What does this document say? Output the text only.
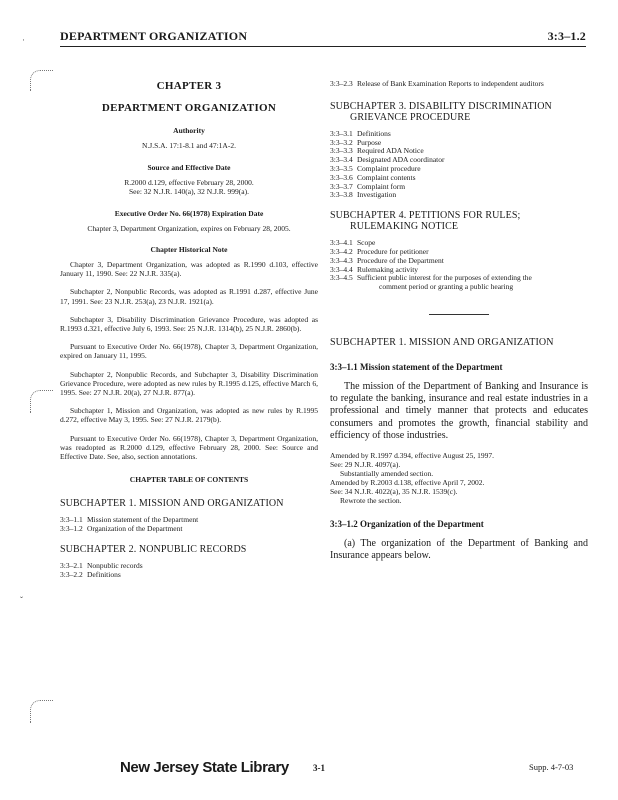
DEPARTMENT ORGANIZATION	3:3–1.2
·
ˇ
CHAPTER 3
DEPARTMENT ORGANIZATION
Authority
N.J.S.A. 17:1-8.1 and 47:1A-2.
Source and Effective Date
R.2000 d.129, effective February 28, 2000.
See: 32 N.J.R. 140(a), 32 N.J.R. 999(a).
Executive Order No. 66(1978) Expiration Date
Chapter 3, Department Organization, expires on February 28, 2005.
Chapter Historical Note

Chapter 3, Department Organization, was adopted as R.1990 d.103, effective January 11, 1990. See: 22 N.J.R. 335(a).

Subchapter 2, Nonpublic Records, was adopted as R.1991 d.287, effective June 17, 1991. See: 23 N.J.R. 253(a), 23 N.J.R. 1921(a).

Subchapter 3, Disability Discrimination Grievance Procedure, was adopted as R.1993 d.321, effective July 6, 1993. See: 25 N.J.R. 1314(b), 25 N.J.R. 2860(b).

Pursuant to Executive Order No. 66(1978), Chapter 3, Department Organization, expired on January 11, 1995.

Subchapter 2, Nonpublic Records, and Subchapter 3, Disability Discrimination Grievance Procedure, were adopted as new rules by R.1995 d.125, effective March 6, 1995. See: 27 N.J.R. 20(a), 27 N.J.R. 877(a).

Subchapter 1, Mission and Organization, was adopted as new rules by R.1995 d.272, effective May 3, 1995. See: 27 N.J.R. 2179(b).

Pursuant to Executive Order No. 66(1978), Chapter 3, Department Organization, was readopted as R.2000 d.129, effective February 28, 2000. See: Source and Effective Date. See, also, section annotations.

CHAPTER TABLE OF CONTENTS
SUBCHAPTER 1. MISSION AND ORGANIZATION
3:3–1.1 Mission statement of the Department
3:3–1.2 Organization of the Department
SUBCHAPTER 2. NONPUBLIC RECORDS
3:3–2.1 Nonpublic records
3:3–2.2 Definitions
3:3–2.3 Release of Bank Examination Reports to independent auditors
SUBCHAPTER 3. DISABILITY DISCRIMINATION
GRIEVANCE PROCEDURE
3:3–3.1 Definitions
3:3–3.2 Purpose
3:3–3.3 Required ADA Notice
3:3–3.4 Designated ADA coordinator
3:3–3.5 Complaint procedure
3:3–3.6 Complaint contents
3:3–3.7 Complaint form
3:3–3.8 Investigation
SUBCHAPTER 4. PETITIONS FOR RULES;
RULEMAKING NOTICE
3:3–4.1 Scope
3:3–4.2 Procedure for petitioner
3:3–4.3 Procedure of the Department
3:3–4.4 Rulemaking activity
3:3–4.5 Sufficient public interest for the purposes of extending the
comment period or granting a public hearing
SUBCHAPTER 1. MISSION AND ORGANIZATION
3:3–1.1 Mission statement of the Department

The mission of the Department of Banking and Insurance is to regulate the banking, insurance and real estate industries in a professional and timely manner that protects and educates consumers and promotes the growth, financial stability and efficiency of those industries.

Amended by R.1997 d.394, effective August 25, 1997.
See: 29 N.J.R. 4097(a).
Substantially amended section.
Amended by R.2003 d.138, effective April 7, 2002.
See: 34 N.J.R. 4022(a), 35 N.J.R. 1539(c).
Rewrote the section.
3:3–1.2 Organization of the Department

(a) The organization of the Department of Banking and Insurance appears below.

New Jersey State Library	3-1	Supp. 4-7-03
